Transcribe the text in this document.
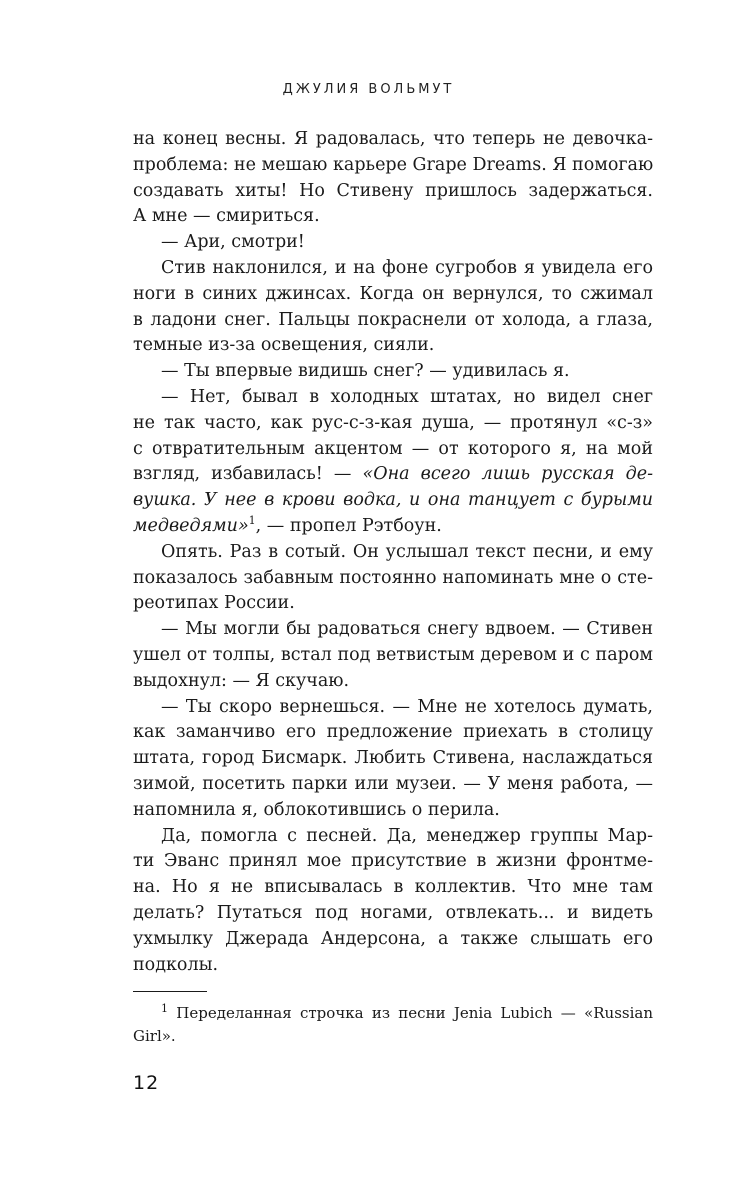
ДЖУЛИЯ ВОЛЬМУТ
на конец весны. Я радовалась, что теперь не девочка-
проблема: не мешаю карьере Grape Dreams. Я помогаю
создавать хиты! Но Стивену пришлось задержаться.
А мне — смириться.
— Ари, смотри!
Стив наклонился, и на фоне сугробов я увидела его
ноги в синих джинсах. Когда он вернулся, то сжимал
в ладони снег. Пальцы покраснели от холода, а глаза,
темные из-за освещения, сияли.
— Ты впервые видишь снег? — удивилась я.
— Нет, бывал в холодных штатах, но видел снег
не так часто, как рус-с-з-кая душа, — протянул «с-з»
с отвратительным акцентом — от которого я, на мой
взгляд, избавилась! — «Она всего лишь русская де-
вушка. У нее в крови водка, и она танцует с бурыми
медведями»$^1$, — пропел Рэтбоун.
Опять. Раз в сотый. Он услышал текст песни, и ему
показалось забавным постоянно напоминать мне о сте-
реотипах России.
— Мы могли бы радоваться снегу вдвоем. — Стивен
ушел от толпы, встал под ветвистым деревом и с паром
выдохнул: — Я скучаю.
— Ты скоро вернешься. — Мне не хотелось думать,
как заманчиво его предложение приехать в столицу
штата, город Бисмарк. Любить Стивена, наслаждаться
зимой, посетить парки или музеи. — У меня работа, —
напомнила я, облокотившись о перила.
Да, помогла с песней. Да, менеджер группы Мар-
ти Эванс принял мое присутствие в жизни фронтме-
на. Но я не вписывалась в коллектив. Что мне там
делать? Путаться под ногами, отвлекать... и видеть
ухмылку Джерада Андерсона, а также слышать его
подколы.
$^1$ Переделанная строчка из песни Jenia Lubich — «Russian
Girl».
12
